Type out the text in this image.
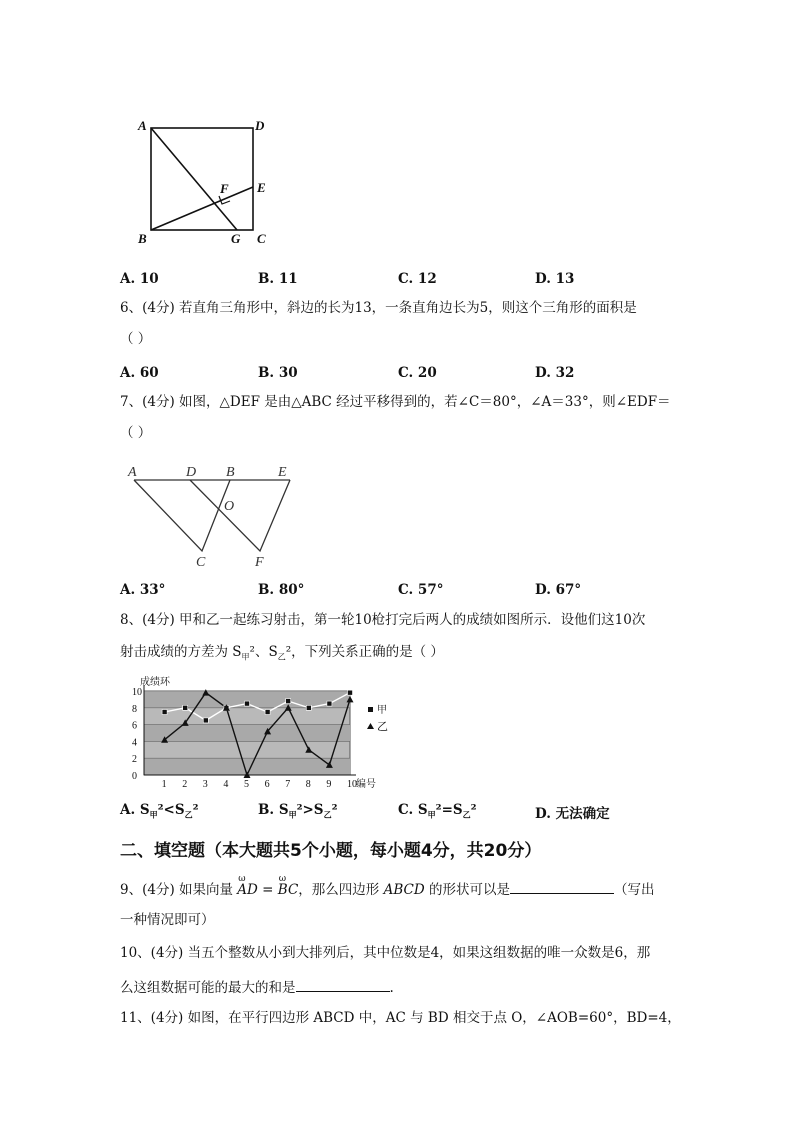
A	D
B	C
E
F
G
A. 10	B. 11	C. 12	D. 13
6、(4分) 若直角三角形中，斜边的长为13，一条直角边长为5，则这个三角形的面积是
（ ）
A. 60	B. 30	C. 20	D. 32
7、(4分) 如图，△DEF 是由△ABC 经过平移得到的，若∠C＝80°，∠A＝33°，则∠EDF＝
（ ）
A	D B	E
O
C	F
A. 33°	B. 80°	C. 57°	D. 67°
8、(4分) 甲和乙一起练习射击，第一轮10枪打完后两人的成绩如图所示．设他们这10次
射击成绩的方差为 $S_甲^2$、$S_乙^2$，下列关系正确的是（ ）
0
2
4
6
8
10
1 2 3 4 5 6 7 8 9 10 编号
成绩环
甲
乙
A. $S_甲^2<S_乙^2$	B. $S_甲^2>S_乙^2$	C. $S_甲^2=S_乙^2$	D. 无法确定
二、填空题（本大题共5个小题，每小题4分，共20分）
9、(4分) 如果向量 ω AD = ω BC，那么四边形 ABCD 的形状可以是	（写出
一种情况即可）
10、(4分) 当五个整数从小到大排列后，其中位数是4，如果这组数据的唯一众数是6，那
么这组数据可能的最大的和是	.
11、(4分) 如图，在平行四边形 ABCD 中，AC 与 BD 相交于点 O，∠AOB=60°，BD=4，
